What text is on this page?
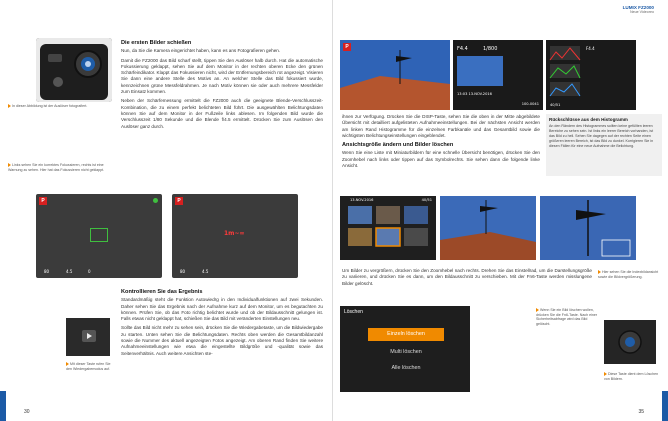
In dieser Abbildung ist der Auslöser fotografiert.
Links sehen Sie ein korrektes Fokussieren, rechts ist eine Warnung zu sehen. Hier hat das Fokussieren nicht geklappt.
Die ersten Bilder schießen

Nun, da Sie die Kamera eingerichtet haben, kann es ans Fotografieren gehen.

Damit die FZ2000 das Bild scharf stellt, tippen Sie den Auslöser halb durch. Hat die automatische Fokussierung geklappt, sehen Sie auf dem Monitor in der rechten oberen Ecke den grünen Schärfeindikator. Klappt das Fokussieren nicht, wird der Entfernungsbereich rot angezeigt. Visieren Sie dann eine andere Stelle des Motivs an. An welcher Stelle das Bild fokussiert wurde, kennzeichnen grüne Messfeldrahmen. Je nach Motiv können sie oder auch mehrere Messfelder zum Einsatz kommen.

Neben der Schärfemessung ermittelt die FZ2000 auch die geeignete Blende-Verschlusszeit-Kombination, die zu einem perfekt belichteten Bild führt. Die ausgewählten Belichtungsdaten können Sie auf dem Monitor in der Fußzeile links ablesen. Im folgenden Bild wurde die Verschlusszeit 1/80 Sekunde und die Blende f/4.5 ermittelt. Drücken Sie zum Auslösen den Auslöser ganz durch.

P
80	4.5	0
P
1m~∞
80	4.5
Mit dieser Taste rufen Sie den Wiedergabemodus auf.
Kontrollieren Sie das Ergebnis

Standardmäßig steht die Funktion Autowiedrg in den Individualfunktionen auf zwei Sekunden. Daher sehen Sie das Ergebnis nach der Aufnahme kurz auf dem Monitor, um es begutachten zu können. Prüfen Sie, ob das Foto richtig belichtet wurde und ob der Bildausschnitt gelungen ist. Falls etwas nicht geklappt hat, schießen Sie das Bild mit veränderten Einstellungen neu.

Sollte das Bild nicht mehr zu sehen sein, drücken Sie die Wiedergabetaste, um die Bildwiedergabe zu starten. Unten sehen Sie die Belichtungsdaten. Rechts oben werden die Gesamtbildanzahl sowie die Nummer des aktuell angezeigten Fotos angezeigt. Am oberen Rand finden Sie weitere Aufnahmeeinstellungen wie etwa die eingestellte Bildgröße und -qualität sowie das Seitenverhältnis. Auch weitere Ansichten ste-

30
LUMIX FZ2000
Neue Videoreo
P	F4.4	1/800
13:03 13.NOV.2016
100-0041	40/51
F4.4
Rückschlüsse aus dem Histogramm
An den Rändern des Histogrammes sollten keine gefüllten leeren Bereiche zu sehen sein. Ist links ein leerer Bereich vorhanden, ist das Bild zu hell. Sehen Sie dagegen auf der rechten Seite einen größeren leeren Bereich, ist das Bild zu dunkel. Korrigieren Sie in diesen Fällen für eine neue Aufnahme die Belichtung.

ihnen zur Verfügung. Drücken Sie die DISP-Taste, sehen Sie die oben in der Mitte abgebildete Übersicht mit detailliert aufgelisteten Aufnahmeeinstellungen. Bei der nächsten Ansicht werden am linken Rand Histogramme für die einzelnen Farbkanäle und das Gesamtbild sowie die wichtigsten Belichtungseinstellungen eingeblendet.

Ansichtsgröße ändern und Bilder löschen

Wenn Sie eine Liste mit Miniaturbildern für eine schnelle Übersicht benötigen, drücken Sie den Zoomhebel nach links oder tippen auf das Symbolrechts. Sie sehen dann die folgende linke Ansicht.

13.NOV.2016	40/51
Hier sehen Sie die Indexbildansicht sowie die Bildvergrößerung.

Um Bilder zu vergrößern, drücken Sie den Zoomhebel nach rechts. Drehen Sie das Einstellrad, um die Darstellungsgröße zu variieren, und drücken Sie es dann, um den Bildausschnitt zu verschieben. Mit der Fn6-Taste werden misslungene Bilder gelöscht.

Löschen
Einzeln löschen
Multi löschen
Alle löschen
Wenn Sie ein Bild löschen wollen, drücken Sie die Fn6-Taste. Nach einer Sicherheitsabfrage wird das Bild gelöscht.
Diese Taste dient dem Löschen von Bildern.
35
